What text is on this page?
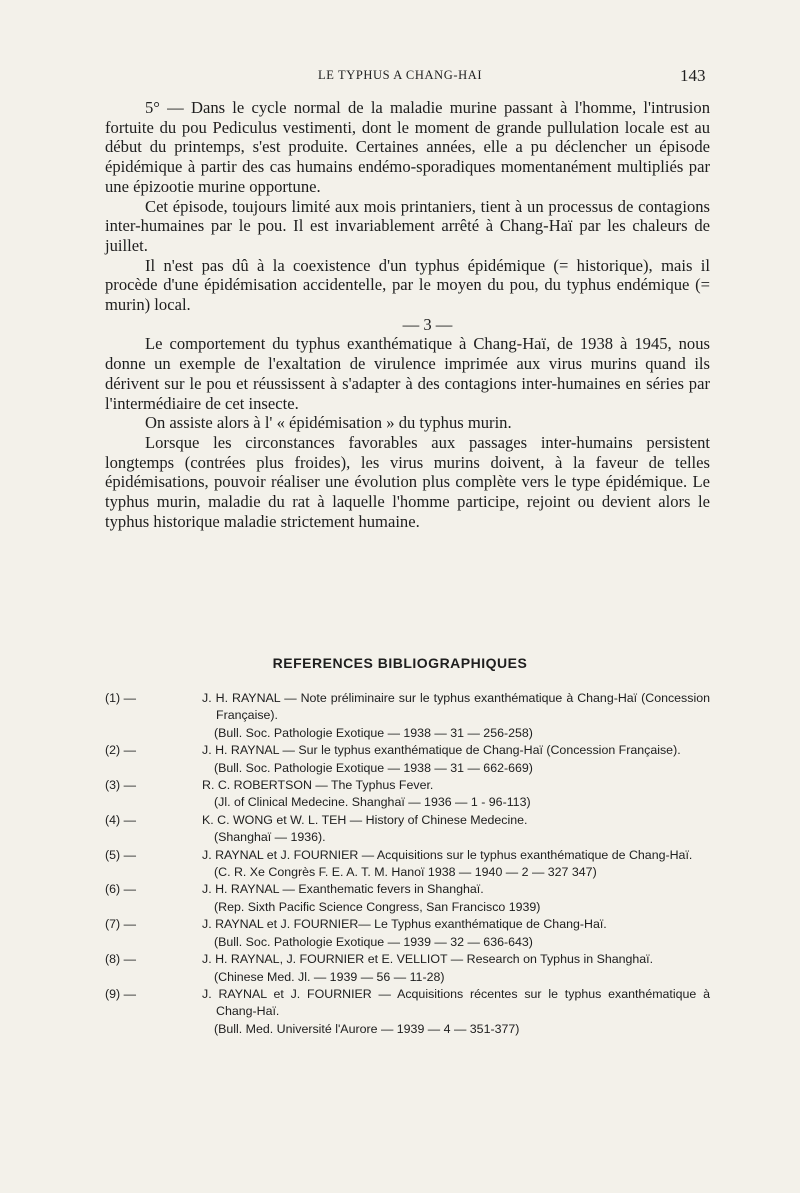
LE TYPHUS A CHANG-HAI	143

5° — Dans le cycle normal de la maladie murine passant à l'homme, l'intrusion fortuite du pou Pediculus vestimenti, dont le moment de grande pullulation locale est au début du printemps, s'est produite. Certaines années, elle a pu déclencher un épisode épidémique à partir des cas humains endémo-sporadiques momentanément multipliés par une épizootie murine opportune.

Cet épisode, toujours limité aux mois printaniers, tient à un processus de contagions inter-humaines par le pou. Il est invariablement arrêté à Chang-Haï par les chaleurs de juillet.

Il n'est pas dû à la coexistence d'un typhus épidémique (= historique), mais il procède d'une épidémisation accidentelle, par le moyen du pou, du typhus endémique (= murin) local.

— 3 —

Le comportement du typhus exanthématique à Chang-Haï, de 1938 à 1945, nous donne un exemple de l'exaltation de virulence imprimée aux virus murins quand ils dérivent sur le pou et réussissent à s'adapter à des contagions inter-humaines en séries par l'intermédiaire de cet insecte.

On assiste alors à l' « épidémisation » du typhus murin.

Lorsque les circonstances favorables aux passages inter-humains persistent longtemps (contrées plus froides), les virus murins doivent, à la faveur de telles épidémisations, pouvoir réaliser une évolution plus complète vers le type épidémique. Le typhus murin, maladie du rat à laquelle l'homme participe, rejoint ou devient alors le typhus historique maladie strictement humaine.

REFERENCES BIBLIOGRAPHIQUES
(1) —	J. H. RAYNAL — Note préliminaire sur le typhus exanthématique à Chang-Haï (Concession Française).
(Bull. Soc. Pathologie Exotique — 1938 — 31 — 256-258)
(2) —	J. H. RAYNAL — Sur le typhus exanthématique de Chang-Haï (Concession Française).
(Bull. Soc. Pathologie Exotique — 1938 — 31 — 662-669)
(3) —	R. C. ROBERTSON — The Typhus Fever.
(Jl. of Clinical Medecine. Shanghaï — 1936 — 1 - 96-113)
(4) —	K. C. WONG et W. L. TEH — History of Chinese Medecine.
(Shanghaï — 1936).
(5) —	J. RAYNAL et J. FOURNIER — Acquisitions sur le typhus exanthématique de Chang-Haï.
(C. R. Xe Congrès F. E. A. T. M. Hanoï 1938 — 1940 — 2 — 327 347)
(6) —	J. H. RAYNAL — Exanthematic fevers in Shanghaï.
(Rep. Sixth Pacific Science Congress, San Francisco 1939)
(7) —	J. RAYNAL et J. FOURNIER— Le Typhus exanthématique de Chang-Haï.
(Bull. Soc. Pathologie Exotique — 1939 — 32 — 636-643)
(8) —	J. H. RAYNAL, J. FOURNIER et E. VELLIOT — Research on Typhus in Shanghaï.
(Chinese Med. Jl. — 1939 — 56 — 11-28)
(9) —	J. RAYNAL et J. FOURNIER — Acquisitions récentes sur le typhus exanthématique à Chang-Haï.
(Bull. Med. Université l'Aurore — 1939 — 4 — 351-377)
